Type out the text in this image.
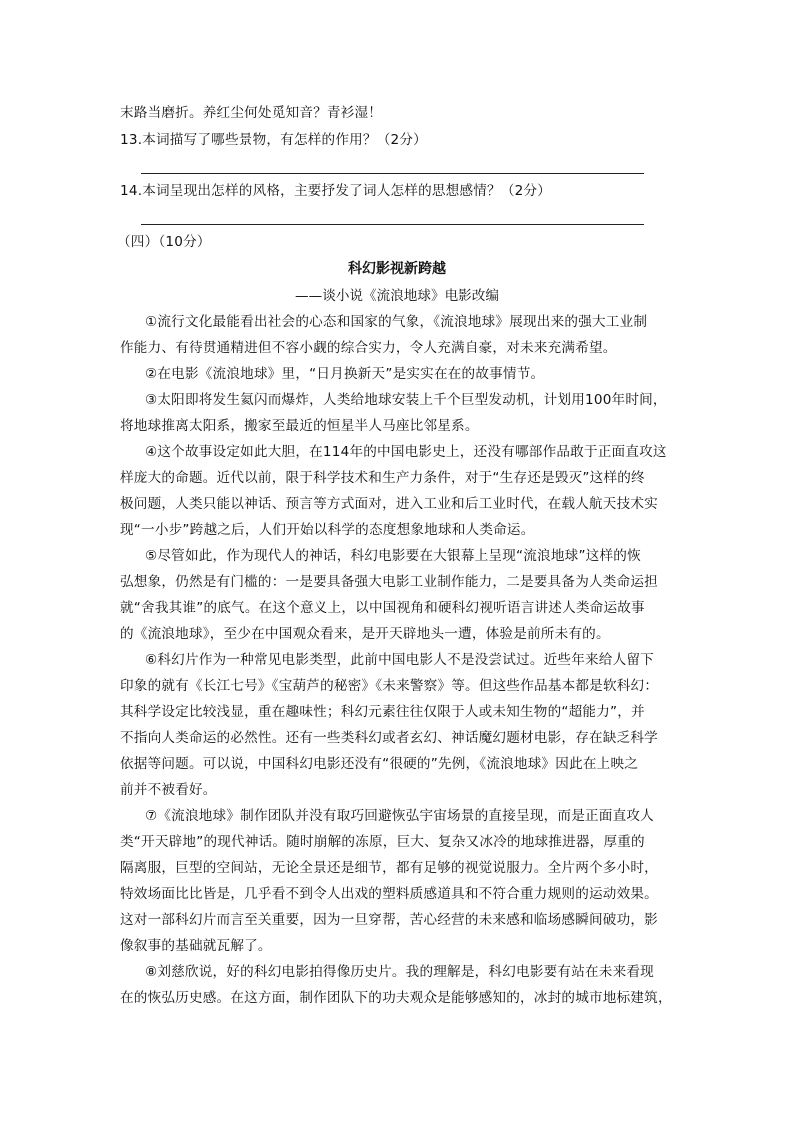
末路当磨折。养红尘何处觅知音？青衫湿！
13.本词描写了哪些景物，有怎样的作用？（2分）
14.本词呈现出怎样的风格，主要抒发了词人怎样的思想感情？（2分）
（四）（10分）
科幻影视新跨越
——谈小说《流浪地球》电影改编
①流行文化最能看出社会的心态和国家的气象，《流浪地球》展现出来的强大工业制
作能力、有待贯通精进但不容小觑的综合实力，令人充满自豪，对未来充满希望。
②在电影《流浪地球》里，“日月换新天”是实实在在的故事情节。
③太阳即将发生氦闪而爆炸，人类给地球安装上千个巨型发动机，计划用100年时间，
将地球推离太阳系，搬家至最近的恒星半人马座比邻星系。
④这个故事设定如此大胆，在114年的中国电影史上，还没有哪部作品敢于正面直攻这
样庞大的命题。近代以前，限于科学技术和生产力条件，对于“生存还是毁灭”这样的终
极问题，人类只能以神话、预言等方式面对，进入工业和后工业时代，在载人航天技术实
现“一小步”跨越之后，人们开始以科学的态度想象地球和人类命运。
⑤尽管如此，作为现代人的神话，科幻电影要在大银幕上呈现“流浪地球”这样的恢
弘想象，仍然是有门槛的：一是要具备强大电影工业制作能力，二是要具备为人类命运担
就“舍我其谁”的底气。在这个意义上，以中国视角和硬科幻视听语言讲述人类命运故事
的《流浪地球》，至少在中国观众看来，是开天辟地头一遭，体验是前所未有的。
⑥科幻片作为一种常见电影类型，此前中国电影人不是没尝试过。近些年来给人留下
印象的就有《长江七号》《宝葫芦的秘密》《未来警察》等。但这些作品基本都是软科幻：
其科学设定比较浅显，重在趣味性；科幻元素往往仅限于人或未知生物的“超能力”，并
不指向人类命运的必然性。还有一些类科幻或者玄幻、神话魔幻题材电影，存在缺乏科学
依据等问题。可以说，中国科幻电影还没有“很硬的”先例，《流浪地球》因此在上映之
前并不被看好。
⑦《流浪地球》制作团队并没有取巧回避恢弘宇宙场景的直接呈现，而是正面直攻人
类“开天辟地”的现代神话。随时崩解的冻原，巨大、复杂又冰冷的地球推进器，厚重的
隔离服，巨型的空间站，无论全景还是细节，都有足够的视觉说服力。全片两个多小时，
特效场面比比皆是，几乎看不到令人出戏的塑料质感道具和不符合重力规则的运动效果。
这对一部科幻片而言至关重要，因为一旦穿帮，苦心经营的未来感和临场感瞬间破功，影
像叙事的基础就瓦解了。
⑧刘慈欣说，好的科幻电影拍得像历史片。我的理解是，科幻电影要有站在未来看现
在的恢弘历史感。在这方面，制作团队下的功夫观众是能够感知的，冰封的城市地标建筑，
